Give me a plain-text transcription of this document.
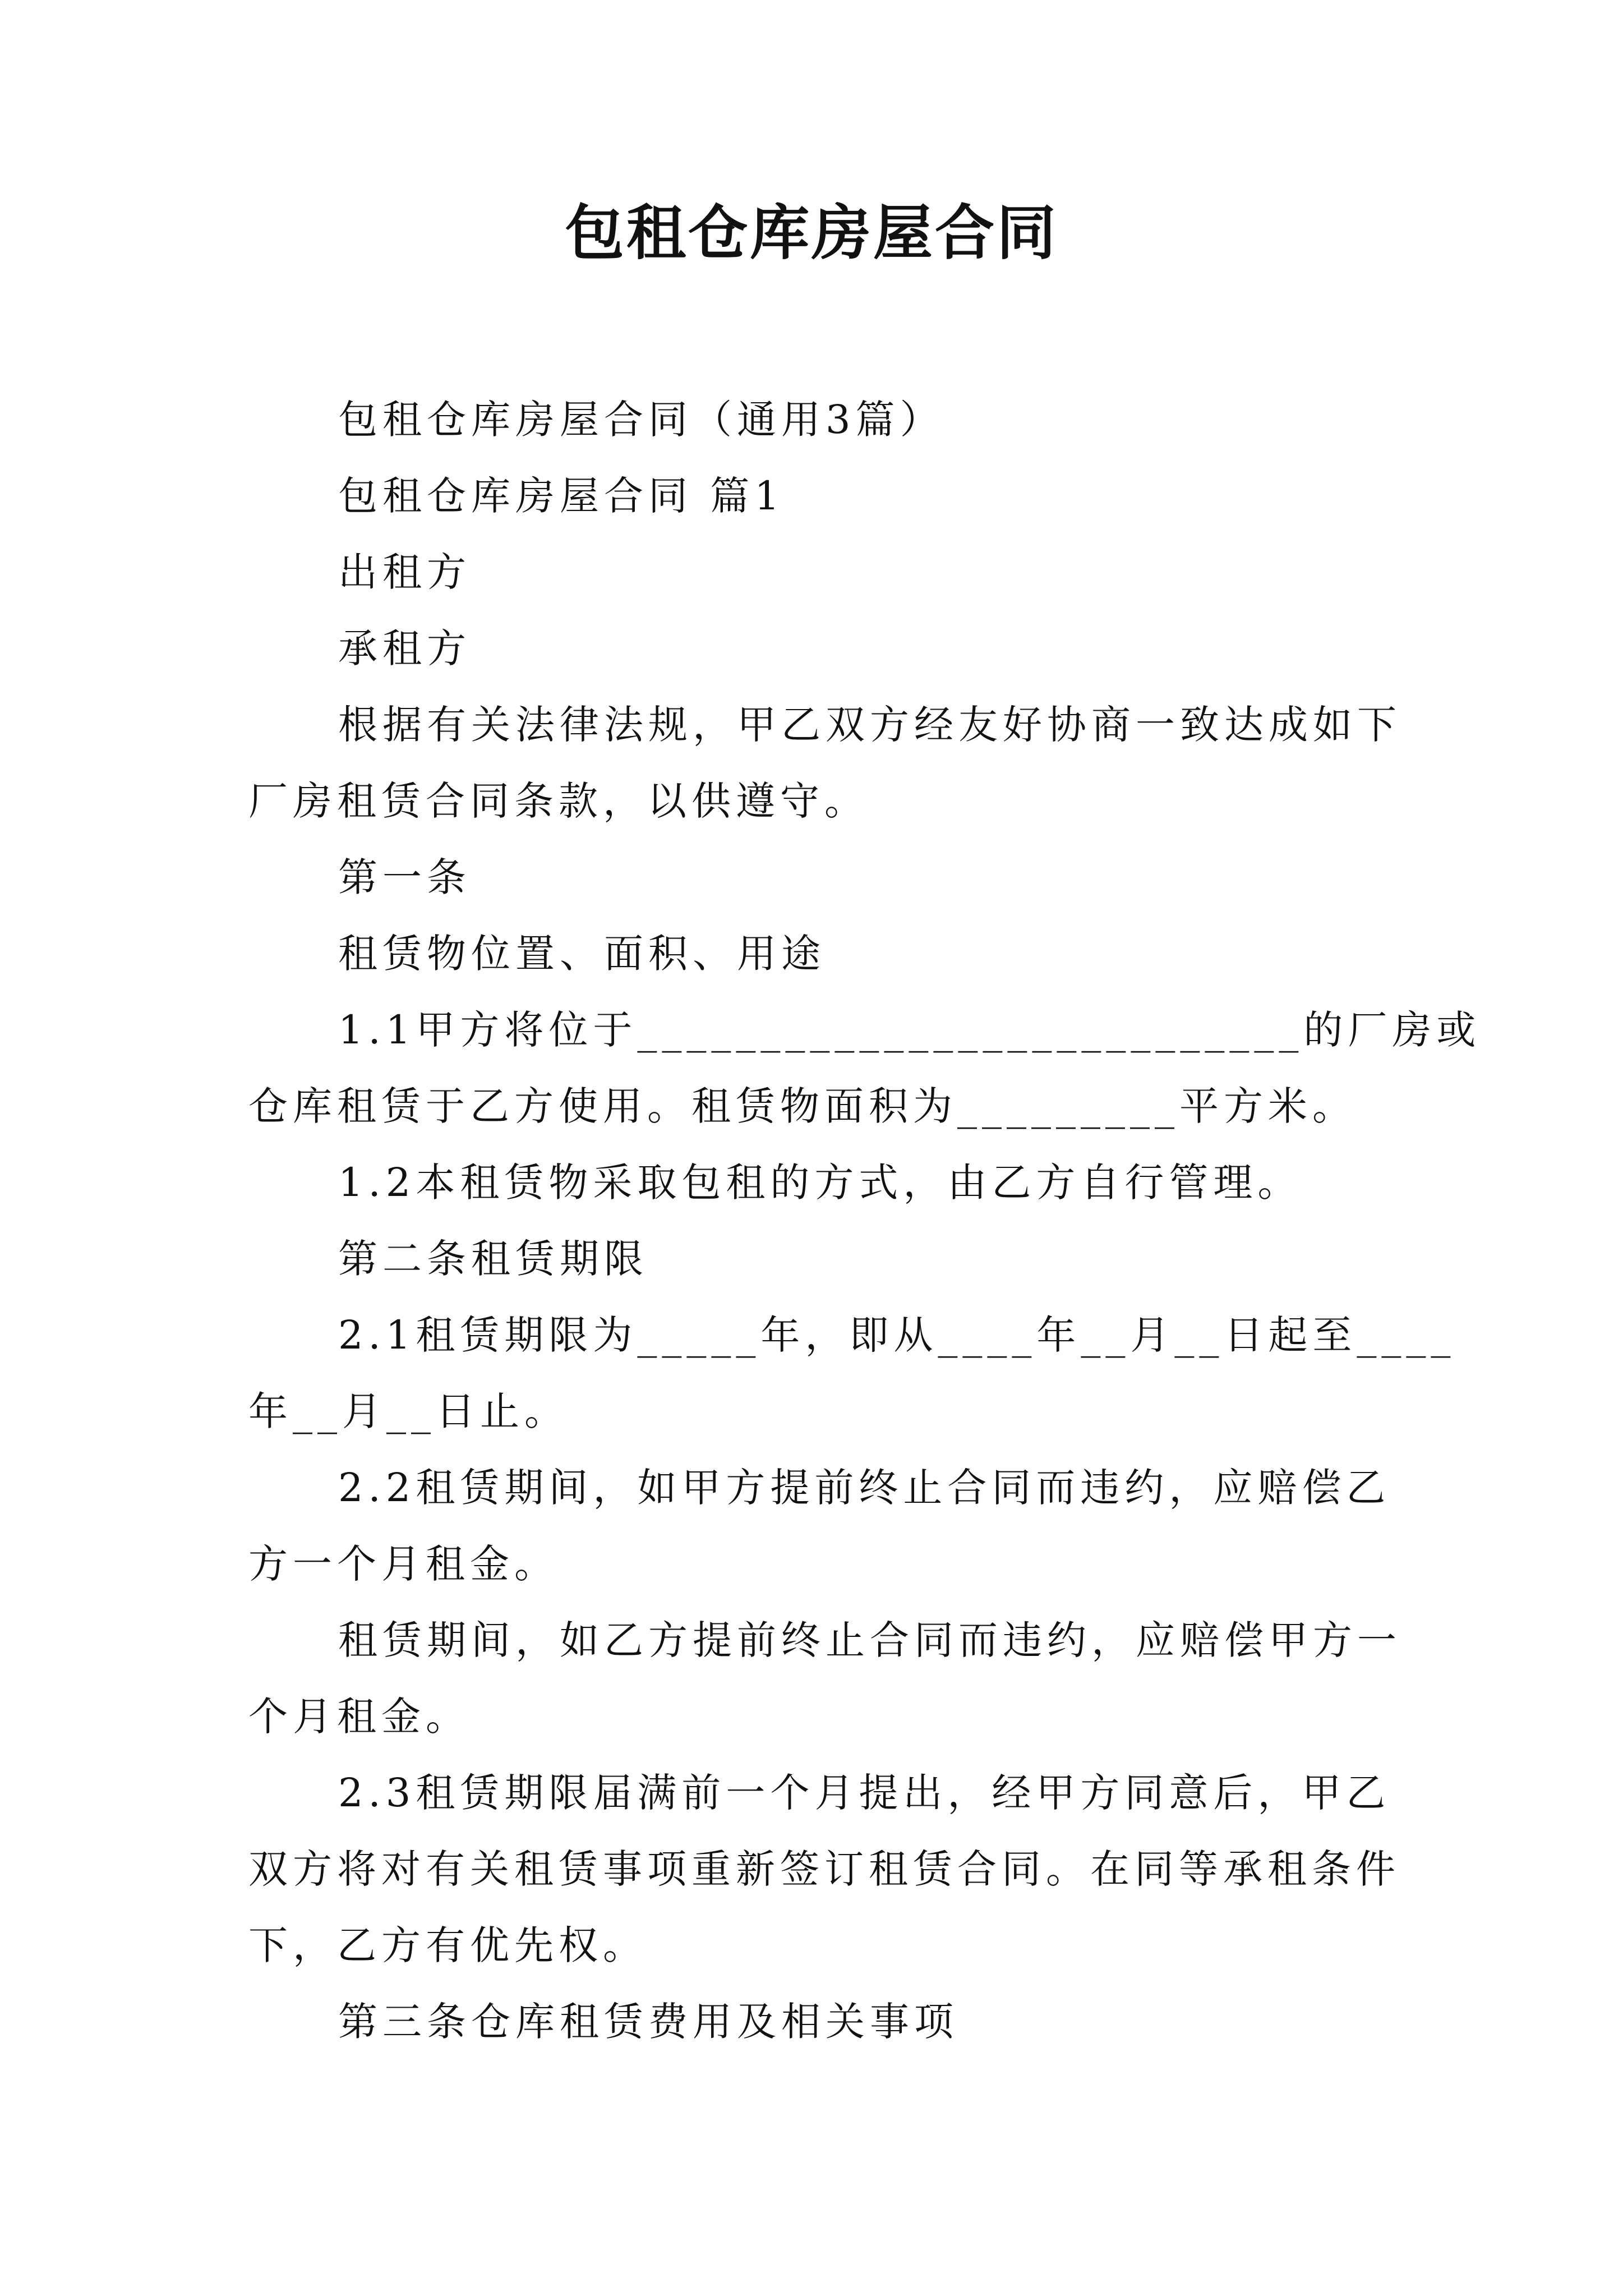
包租仓库房屋合同

包租仓库房屋合同（通用3篇）

包租仓库房屋合同 篇1

出租方

承租方

根据有关法律法规，甲乙双方经友好协商一致达成如下

厂房租赁合同条款，以供遵守。

第一条

租赁物位置、面积、用途

1.1甲方将位于___________________________的厂房或

仓库租赁于乙方使用。租赁物面积为_________平方米。

1.2本租赁物采取包租的方式，由乙方自行管理。

第二条租赁期限

2.1租赁期限为_____年，即从____年__月__日起至____

年__月__日止。

2.2租赁期间，如甲方提前终止合同而违约，应赔偿乙

方一个月租金。

租赁期间，如乙方提前终止合同而违约，应赔偿甲方一

个月租金。

2.3租赁期限届满前一个月提出，经甲方同意后，甲乙

双方将对有关租赁事项重新签订租赁合同。在同等承租条件

下，乙方有优先权。

第三条仓库租赁费用及相关事项
